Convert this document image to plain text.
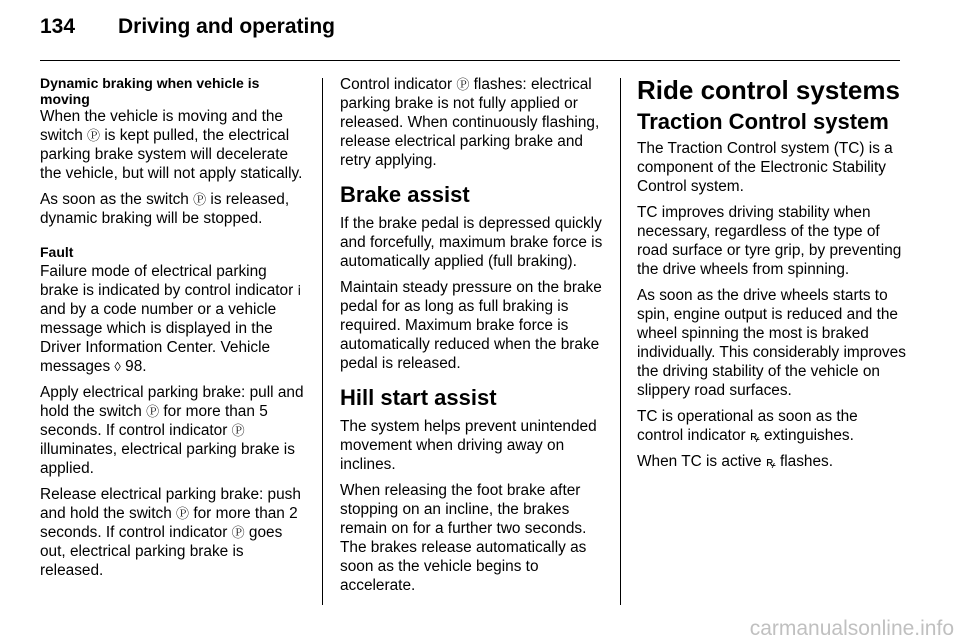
134 Driving and operating
Dynamic braking when vehicle is moving

When the vehicle is moving and the switch Ⓟ is kept pulled, the electrical parking brake system will decelerate the vehicle, but will not apply statically.

As soon as the switch Ⓟ is released, dynamic braking will be stopped.

Fault

Failure mode of electrical parking brake is indicated by control indicator ⅰ and by a code number or a vehicle message which is displayed in the Driver Information Center. Vehicle messages ◊ 98.

Apply electrical parking brake: pull and hold the switch Ⓟ for more than 5 seconds. If control indicator Ⓟ illuminates, electrical parking brake is applied.

Release electrical parking brake: push and hold the switch Ⓟ for more than 2 seconds. If control indicator Ⓟ goes out, electrical parking brake is released.

Control indicator Ⓟ flashes: electrical parking brake is not fully applied or released. When continuously flashing, release electrical parking brake and retry applying.

Brake assist

If the brake pedal is depressed quickly and forcefully, maximum brake force is automatically applied (full braking).

Maintain steady pressure on the brake pedal for as long as full braking is required. Maximum brake force is automatically reduced when the brake pedal is released.

Hill start assist

The system helps prevent unintended movement when driving away on inclines.

When releasing the foot brake after stopping on an incline, the brakes remain on for a further two seconds. The brakes release automatically as soon as the vehicle begins to accelerate.

Ride control systems
Traction Control system

The Traction Control system (TC) is a component of the Electronic Stability Control system.

TC improves driving stability when necessary, regardless of the type of road surface or tyre grip, by preventing the drive wheels from spinning.

As soon as the drive wheels starts to spin, engine output is reduced and the wheel spinning the most is braked individually. This considerably improves the driving stability of the vehicle on slippery road surfaces.

TC is operational as soon as the control indicator ꝶ extinguishes.

When TC is active ꝶ flashes.

carmanualsonline.info
